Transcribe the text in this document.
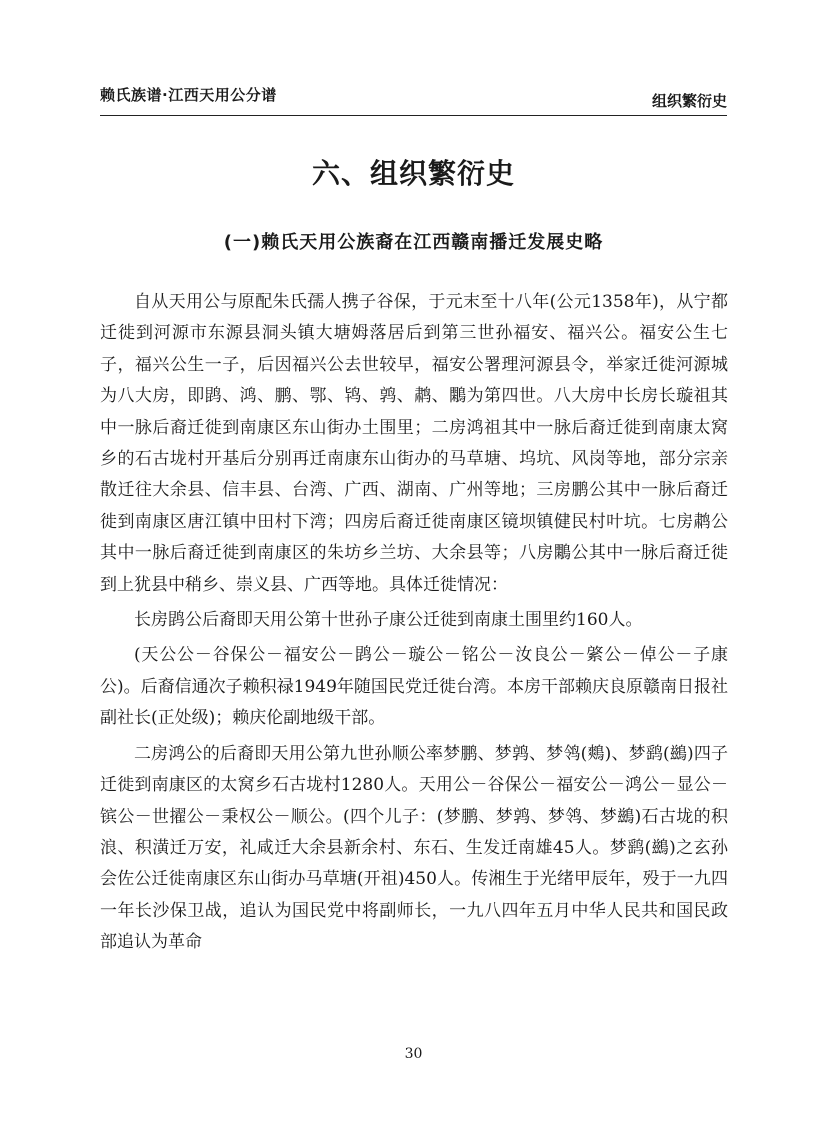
赖氏族谱·江西天用公分谱	组织繁衍史
六、组织繁衍史
(一)赖氏天用公族裔在江西赣南播迁发展史略

自从天用公与原配朱氏孺人携子谷保，于元末至十八年(公元1358年)，从宁都迁徙到河源市东源县洞头镇大塘姆落居后到第三世孙福安、福兴公。福安公生七子，福兴公生一子，后因福兴公去世较早，福安公署理河源县令，举家迁徙河源城为八大房，即鹍、鸿、鹏、鄂、鸨、鹑、鹔、鷴为第四世。八大房中长房长璇祖其中一脉后裔迁徙到南康区东山街办土围里；二房鸿祖其中一脉后裔迁徙到南康太窝乡的石古垅村开基后分别再迁南康东山街办的马草塘、坞坑、风岗等地，部分宗亲散迁往大余县、信丰县、台湾、广西、湖南、广州等地；三房鹏公其中一脉后裔迁徙到南康区唐江镇中田村下湾；四房后裔迁徙南康区镜坝镇健民村叶坑。七房鹔公其中一脉后裔迁徙到南康区的朱坊乡兰坊、大余县等；八房鷴公其中一脉后裔迁徙到上犹县中稍乡、崇义县、广西等地。具体迁徙情况：

长房鹍公后裔即天用公第十世孙子康公迁徙到南康土围里约160人。

(天公公－谷保公－福安公－鹍公－璇公－铭公－汝良公－綮公－倬公－子康公)。后裔信通次子赖积禄1949年随国民党迁徙台湾。本房干部赖庆良原赣南日报社副社长(正处级)；赖庆伦副地级干部。

二房鸿公的后裔即天用公第九世孙顺公率梦鹏、梦鹑、梦鸰(鷞)、梦鹞(鷀)四子迁徙到南康区的太窝乡石古垅村1280人。天用公－谷保公－福安公－鸿公－显公－镔公－世擢公－秉权公－顺公。(四个儿子：(梦鹏、梦鹑、梦鸰、梦鷀)石古垅的积浪、积潢迁万安，礼咸迁大余县新余村、东石、生发迁南雄45人。梦鹞(鷀)之玄孙会佐公迁徙南康区东山街办马草塘(开祖)450人。传湘生于光绪甲辰年，殁于一九四一年长沙保卫战，追认为国民党中将副师长，一九八四年五月中华人民共和国民政部追认为革命

30
